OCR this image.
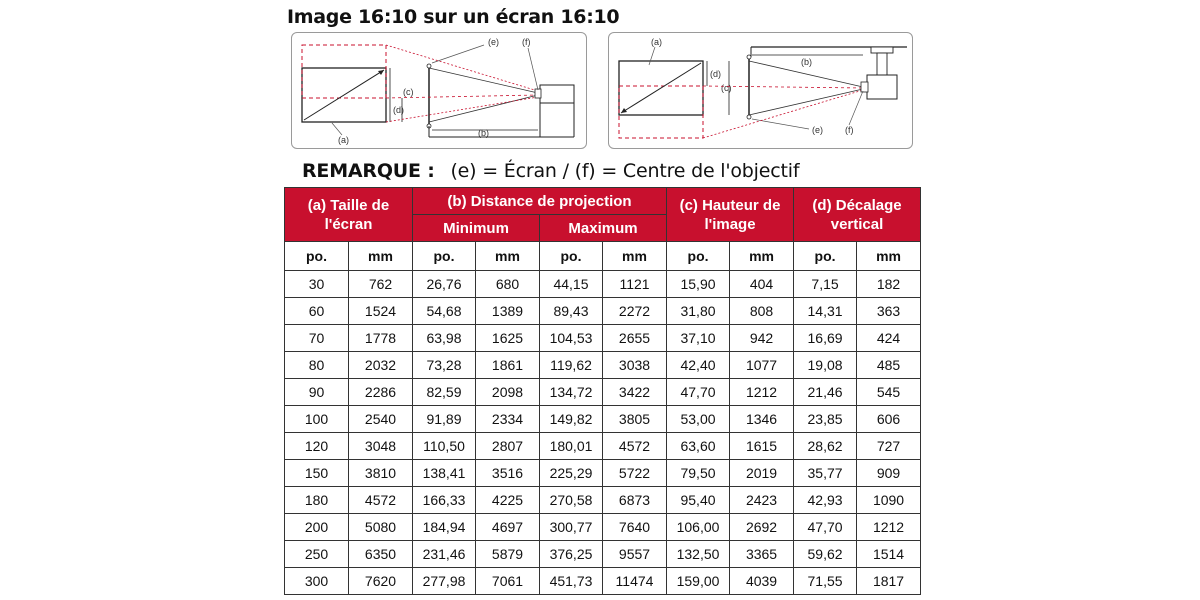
Image 16:10 sur un écran 16:10
(a)
(c)
(d)
(e)	(f)
(b)
(a)
(d)
(c)
(e)
(b)
(f)
REMARQUE : (e) = Écran / (f) = Centre de l'objectif
(a) Taille de l'écran		(b) Distance de projection				(c) Hauteur de l'image		(d) Décalage vertical	
		Minimum		Maximum					
po.	mm	po.	mm	po.	mm	po.	mm	po.	mm
30	762	26,76	680	44,15	1121	15,90	404	7,15	182
60	1524	54,68	1389	89,43	2272	31,80	808	14,31	363
70	1778	63,98	1625	104,53	2655	37,10	942	16,69	424
80	2032	73,28	1861	119,62	3038	42,40	1077	19,08	485
90	2286	82,59	2098	134,72	3422	47,70	1212	21,46	545
100	2540	91,89	2334	149,82	3805	53,00	1346	23,85	606
120	3048	110,50	2807	180,01	4572	63,60	1615	28,62	727
150	3810	138,41	3516	225,29	5722	79,50	2019	35,77	909
180	4572	166,33	4225	270,58	6873	95,40	2423	42,93	1090
200	5080	184,94	4697	300,77	7640	106,00	2692	47,70	1212
250	6350	231,46	5879	376,25	9557	132,50	3365	59,62	1514
300	7620	277,98	7061	451,73	11474	159,00	4039	71,55	1817
